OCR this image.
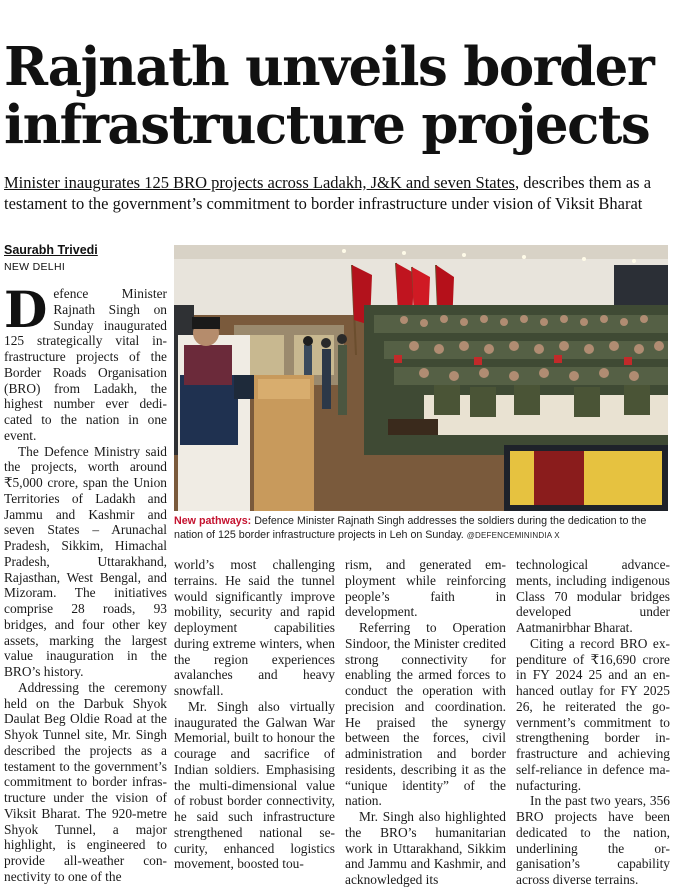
Rajnath unveils border
infrastructure projects
Minister inaugurates 125 BRO projects across Ladakh, J&K and seven States, describes them as a testament to the government’s commitment to border infrastructure under vision of Viksit Bharat
Saurabh Trivedi
NEW DELHI
New pathways: Defence Minister Rajnath Singh addresses the soldiers during the dedication to the nation of 125 border infrastructure projects in Leh on Sunday. @DEFENCEMININDIA X

Defence Minister Rajnath Singh on Sunday inaugurated 125 strategically vital infrastructure projects of the Border Roads Organisation (BRO) from Ladakh, the highest number ever dedicated to the nation in one event.

The Defence Ministry said the projects, worth around ₹5,000 crore, span the Union Territories of Ladakh and Jammu and Kashmir and seven States – Arunachal Pradesh, Sikkim, Himachal Pradesh, Uttarakhand, Rajasthan, West Bengal, and Mizoram. The initiatives comprise 28 roads, 93 bridges, and four other key assets, marking the largest value inauguration in the BRO’s history.

Addressing the ceremony held on the Darbuk Shyok Daulat Beg Oldie Road at the Shyok Tunnel site, Mr. Singh described the projects as a testament to the government’s commitment to border infrastructure under the vision of Viksit Bharat. The 920-metre Shyok Tunnel, a major highlight, is engineered to provide all-weather connectivity to one of the

world’s most challenging terrains. He said the tunnel would significantly improve mobility, security and rapid deployment capabilities during extreme winters, when the region experiences avalanches and heavy snowfall.

Mr. Singh also virtually inaugurated the Galwan War Memorial, built to honour the courage and sacrifice of Indian soldiers. Emphasising the multi-dimensional value of robust border connectivity, he said such infrastructure strengthened national security, enhanced logistics movement, boosted tou-

rism, and generated employment while reinforcing people’s faith in development.

Referring to Operation Sindoor, the Minister credited strong connectivity for enabling the armed forces to conduct the operation with precision and coordination. He praised the synergy between the forces, civil administration and border residents, describing it as the “unique identity” of the nation.

Mr. Singh also highlighted the BRO’s humanitarian work in Uttarakhand, Sikkim and Jammu and Kashmir, and acknowledged its

technological advancements, including indigenous Class 70 modular bridges developed under Aatmanirbhar Bharat.

Citing a record BRO expenditure of ₹16,690 crore in FY 2024 25 and an enhanced outlay for FY 2025 26, he reiterated the government’s commitment to strengthening border infrastructure and achieving self-reliance in defence manufacturing.

In the past two years, 356 BRO projects have been dedicated to the nation, underlining the organisation’s capability across diverse terrains.
